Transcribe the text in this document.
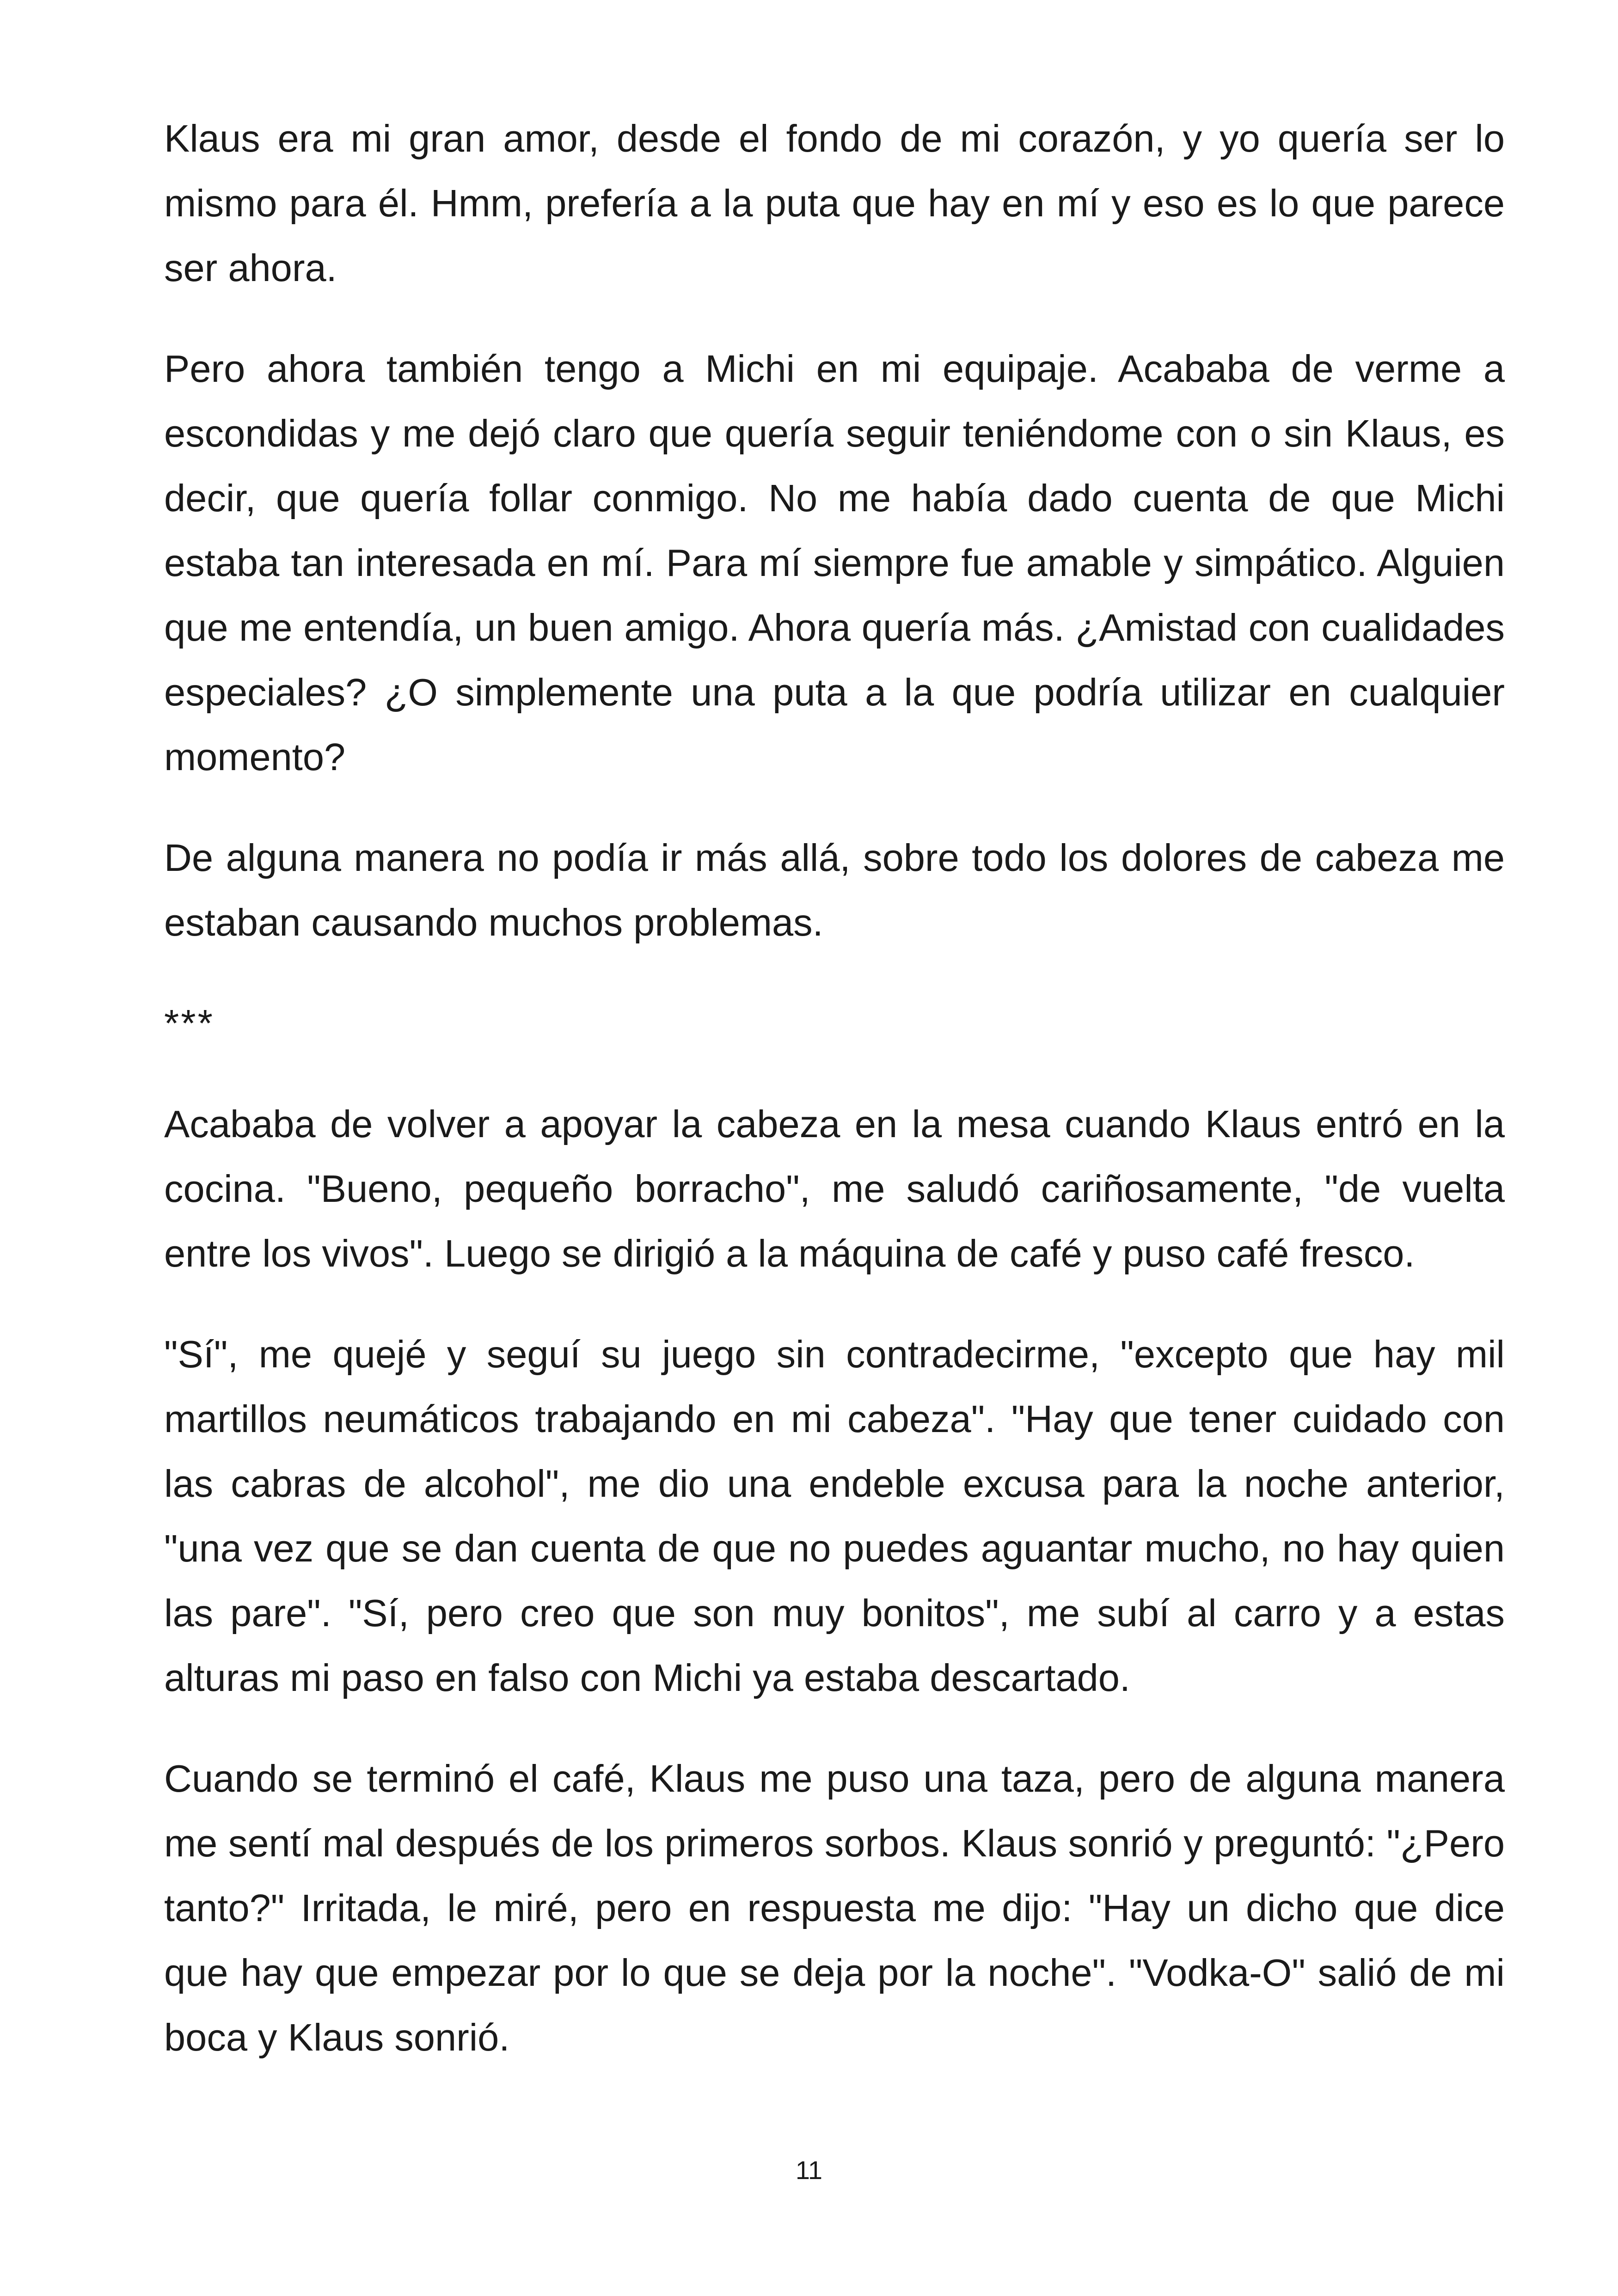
Klaus era mi gran amor, desde el fondo de mi corazón, y yo quería ser lo mismo para él. Hmm, prefería a la puta que hay en mí y eso es lo que parece ser ahora.

Pero ahora también tengo a Michi en mi equipaje. Acababa de verme a escondidas y me dejó claro que quería seguir teniéndome con o sin Klaus, es decir, que quería follar conmigo. No me había dado cuenta de que Michi estaba tan interesada en mí. Para mí siempre fue amable y simpático. Alguien que me entendía, un buen amigo. Ahora quería más. ¿Amistad con cualidades especiales? ¿O simplemente una puta a la que podría utilizar en cualquier momento?

De alguna manera no podía ir más allá, sobre todo los dolores de cabeza me estaban causando muchos problemas.

***

Acababa de volver a apoyar la cabeza en la mesa cuando Klaus entró en la cocina. "Bueno, pequeño borracho", me saludó cariñosamente, "de vuelta entre los vivos". Luego se dirigió a la máquina de café y puso café fresco.

"Sí", me quejé y seguí su juego sin contradecirme, "excepto que hay mil martillos neumáticos trabajando en mi cabeza". "Hay que tener cuidado con las cabras de alcohol", me dio una endeble excusa para la noche anterior, "una vez que se dan cuenta de que no puedes aguantar mucho, no hay quien las pare". "Sí, pero creo que son muy bonitos", me subí al carro y a estas alturas mi paso en falso con Michi ya estaba descartado.

Cuando se terminó el café, Klaus me puso una taza, pero de alguna manera me sentí mal después de los primeros sorbos. Klaus sonrió y preguntó: "¿Pero tanto?" Irritada, le miré, pero en respuesta me dijo: "Hay un dicho que dice que hay que empezar por lo que se deja por la noche". "Vodka-O" salió de mi boca y Klaus sonrió.

11
